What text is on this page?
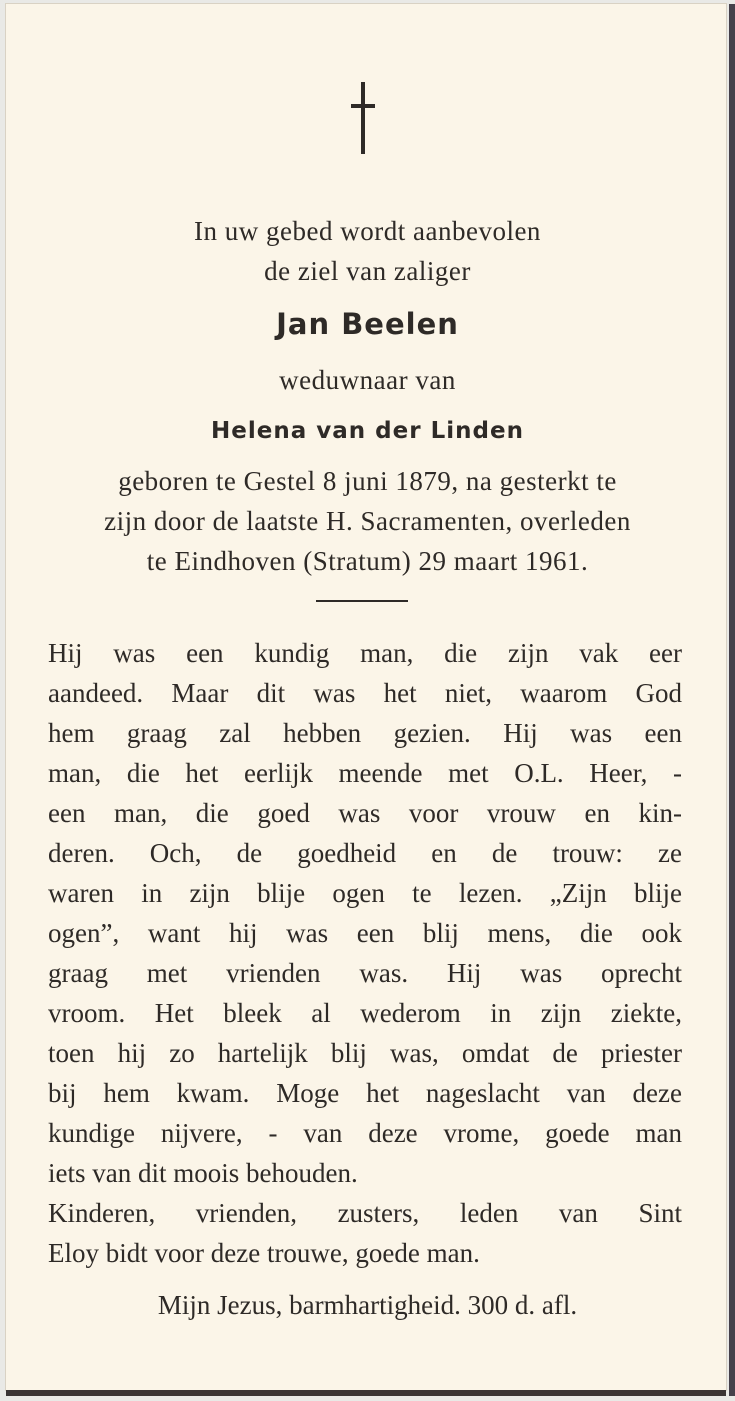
In uw gebed wordt aanbevolen
de ziel van zaliger
Jan Beelen
weduwnaar van
Helena van der Linden
geboren te Gestel 8 juni 1879, na gesterkt te
zijn door de laatste H. Sacramenten, overleden
te Eindhoven (Stratum) 29 maart 1961.
Hij was een kundig man, die zijn vak eer
aandeed. Maar dit was het niet, waarom God
hem graag zal hebben gezien. Hij was een
man, die het eerlijk meende met O.L. Heer, -
een man, die goed was voor vrouw en kin-
deren. Och, de goedheid en de trouw: ze
waren in zijn blije ogen te lezen. „Zijn blije
ogen”, want hij was een blij mens, die ook
graag met vrienden was. Hij was oprecht
vroom. Het bleek al wederom in zijn ziekte,
toen hij zo hartelijk blij was, omdat de priester
bij hem kwam. Moge het nageslacht van deze
kundige nijvere, - van deze vrome, goede man
iets van dit moois behouden.
Kinderen, vrienden, zusters, leden van Sint
Eloy bidt voor deze trouwe, goede man.
Mijn Jezus, barmhartigheid. 300 d. afl.
